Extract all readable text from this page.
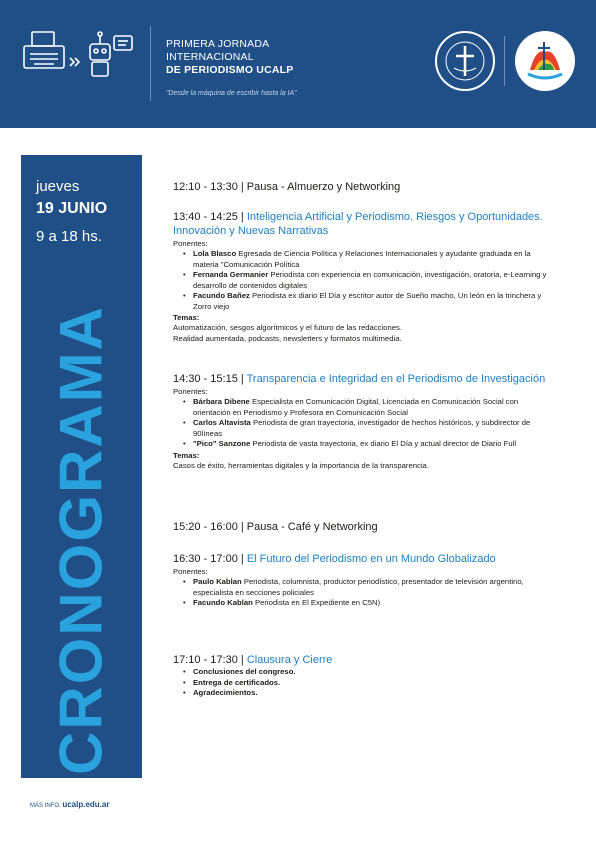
PRIMERA JORNADA
INTERNACIONAL
DE PERIODISMO UCALP
"Desde la máquina de escribir hasta la IA"
jueves
19 JUNIO
9 a 18 hs.
CRONOGRAMA
12:10 - 13:30 | Pausa - Almuerzo y Networking
13:40 - 14:25 | Inteligencia Artificial y Periodismo. Riesgos y Oportunidades. Innovación y Nuevas Narrativas
Ponentes:
• Lola Blasco Egresada de Ciencia Política y Relaciones Internacionales y ayudante graduada en la materia "Comunicación Política
• Fernanda Germanier Periodista con experiencia en comunicación, investigación, oratoria, e-Learning y desarrollo de contenidos digitales
• Facundo Bañez Periodista ex diario El Día y escritor autor de Sueño macho, Un león en la trinchera y Zorro viejo
Temas:
Automatización, sesgos algorítmicos y el futuro de las redacciones.
Realidad aumentada, podcasts, newsletters y formatos multimedia.
14:30 - 15:15 | Transparencia e Integridad en el Periodismo de Investigación
Ponentes:
• Bárbara Dibene Especialista en Comunicación Digital, Licenciada en Comunicación Social con orientación en Periodismo y Profesora en Comunicación Social
• Carlos Altavista Periodista de gran trayectoria, investigador de hechos históricos, y subdirector de 90líneas
• "Pico" Sanzone Periodista de vasta trayectoria, ex diario El Día y actual director de Diario Full
Temas:
Casos de éxito, herramientas digitales y la importancia de la transparencia.
15:20 - 16:00 | Pausa - Café y Networking
16:30 - 17:00 | El Futuro del Periodismo en un Mundo Globalizado
Ponentes:
• Paulo Kablan Periodista, columnista, productor periodístico, presentador de televisión argentino, especialista en secciones policiales
• Facundo Kablan Periodista en El Expediente en C5N)
17:10 - 17:30 | Clausura y Cierre
• Conclusiones del congreso.
• Entrega de certificados.
• Agradecimientos.
MÁS INFO. ucalp.edu.ar
